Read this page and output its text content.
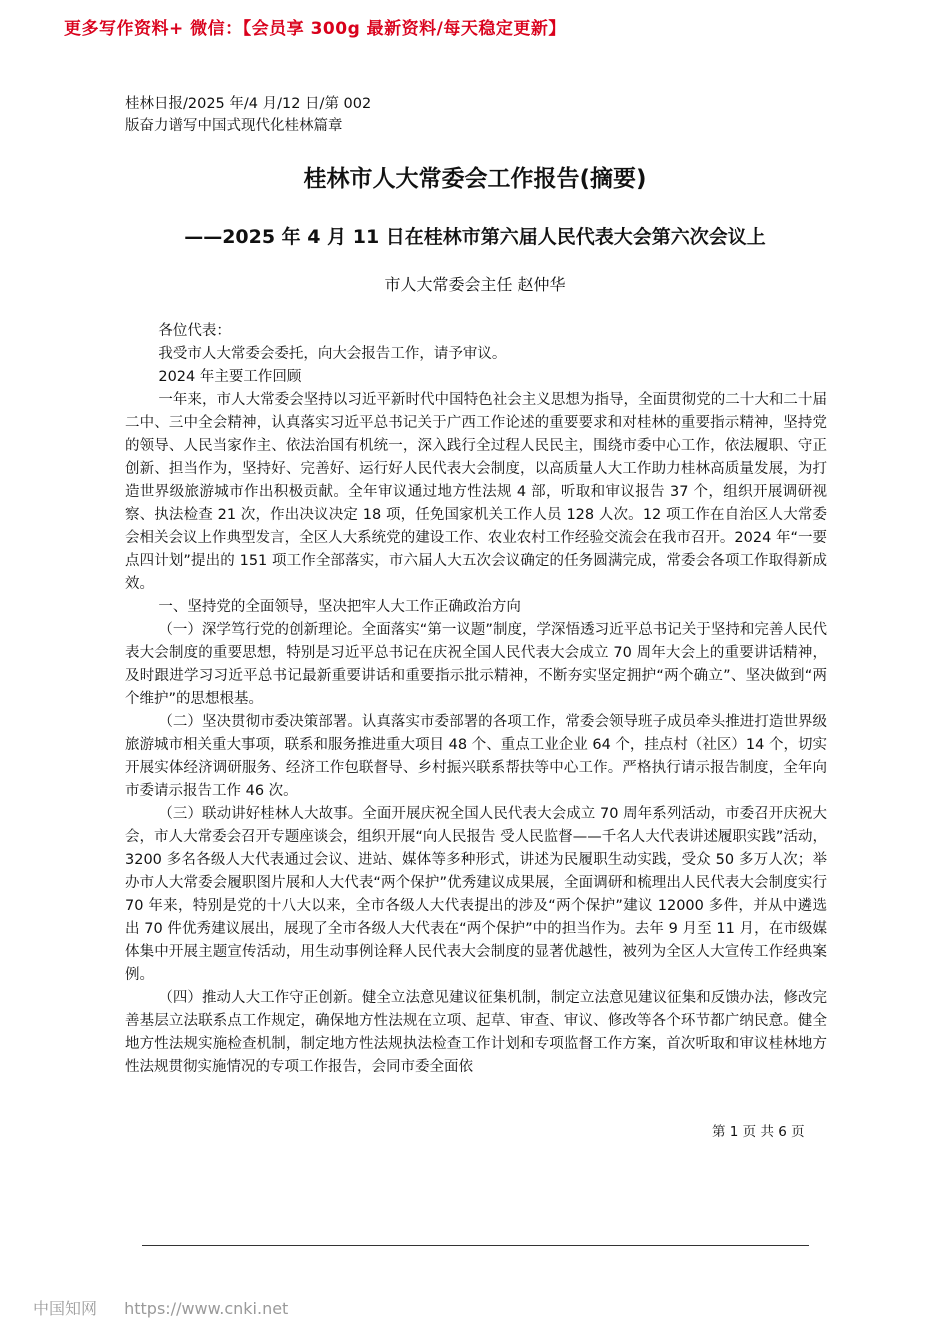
更多写作资料+ 微信：【会员享 300g 最新资料/每天稳定更新】
桂林日报/2025 年/4 月/12 日/第 002
版奋力谱写中国式现代化桂林篇章
桂林市人大常委会工作报告(摘要)
——2025 年 4 月 11 日在桂林市第六届人民代表大会第六次会议上
市人大常委会主任 赵仲华

各位代表：

我受市人大常委会委托，向大会报告工作，请予审议。

2024 年主要工作回顾

一年来，市人大常委会坚持以习近平新时代中国特色社会主义思想为指导，全面贯彻党的二十大和二十届二中、三中全会精神，认真落实习近平总书记关于广西工作论述的重要要求和对桂林的重要指示精神，坚持党的领导、人民当家作主、依法治国有机统一，深入践行全过程人民民主，围绕市委中心工作，依法履职、守正创新、担当作为，坚持好、完善好、运行好人民代表大会制度，以高质量人大工作助力桂林高质量发展，为打造世界级旅游城市作出积极贡献。全年审议通过地方性法规 4 部，听取和审议报告 37 个，组织开展调研视察、执法检查 21 次，作出决议决定 18 项，任免国家机关工作人员 128 人次。12 项工作在自治区人大常委会相关会议上作典型发言，全区人大系统党的建设工作、农业农村工作经验交流会在我市召开。2024 年“一要点四计划”提出的 151 项工作全部落实，市六届人大五次会议确定的任务圆满完成，常委会各项工作取得新成效。

一、坚持党的全面领导，坚决把牢人大工作正确政治方向

（一）深学笃行党的创新理论。全面落实“第一议题”制度，学深悟透习近平总书记关于坚持和完善人民代表大会制度的重要思想，特别是习近平总书记在庆祝全国人民代表大会成立 70 周年大会上的重要讲话精神，及时跟进学习习近平总书记最新重要讲话和重要指示批示精神，不断夯实坚定拥护“两个确立”、坚决做到“两个维护”的思想根基。

（二）坚决贯彻市委决策部署。认真落实市委部署的各项工作，常委会领导班子成员牵头推进打造世界级旅游城市相关重大事项，联系和服务推进重大项目 48 个、重点工业企业 64 个，挂点村（社区）14 个，切实开展实体经济调研服务、经济工作包联督导、乡村振兴联系帮扶等中心工作。严格执行请示报告制度，全年向市委请示报告工作 46 次。

（三）联动讲好桂林人大故事。全面开展庆祝全国人民代表大会成立 70 周年系列活动，市委召开庆祝大会，市人大常委会召开专题座谈会，组织开展“向人民报告 受人民监督——千名人大代表讲述履职实践”活动，3200 多名各级人大代表通过会议、进站、媒体等多种形式，讲述为民履职生动实践，受众 50 多万人次；举办市人大常委会履职图片展和人大代表“两个保护”优秀建议成果展，全面调研和梳理出人民代表大会制度实行 70 年来，特别是党的十八大以来，全市各级人大代表提出的涉及“两个保护”建议 12000 多件，并从中遴选出 70 件优秀建议展出，展现了全市各级人大代表在“两个保护”中的担当作为。去年 9 月至 11 月，在市级媒体集中开展主题宣传活动，用生动事例诠释人民代表大会制度的显著优越性，被列为全区人大宣传工作经典案例。

（四）推动人大工作守正创新。健全立法意见建议征集机制，制定立法意见建议征集和反馈办法，修改完善基层立法联系点工作规定，确保地方性法规在立项、起草、审查、审议、修改等各个环节都广纳民意。健全地方性法规实施检查机制，制定地方性法规执法检查工作计划和专项监督工作方案，首次听取和审议桂林地方性法规贯彻实施情况的专项工作报告，会同市委全面依

第 1 页 共 6 页
中国知网 https://www.cnki.net
